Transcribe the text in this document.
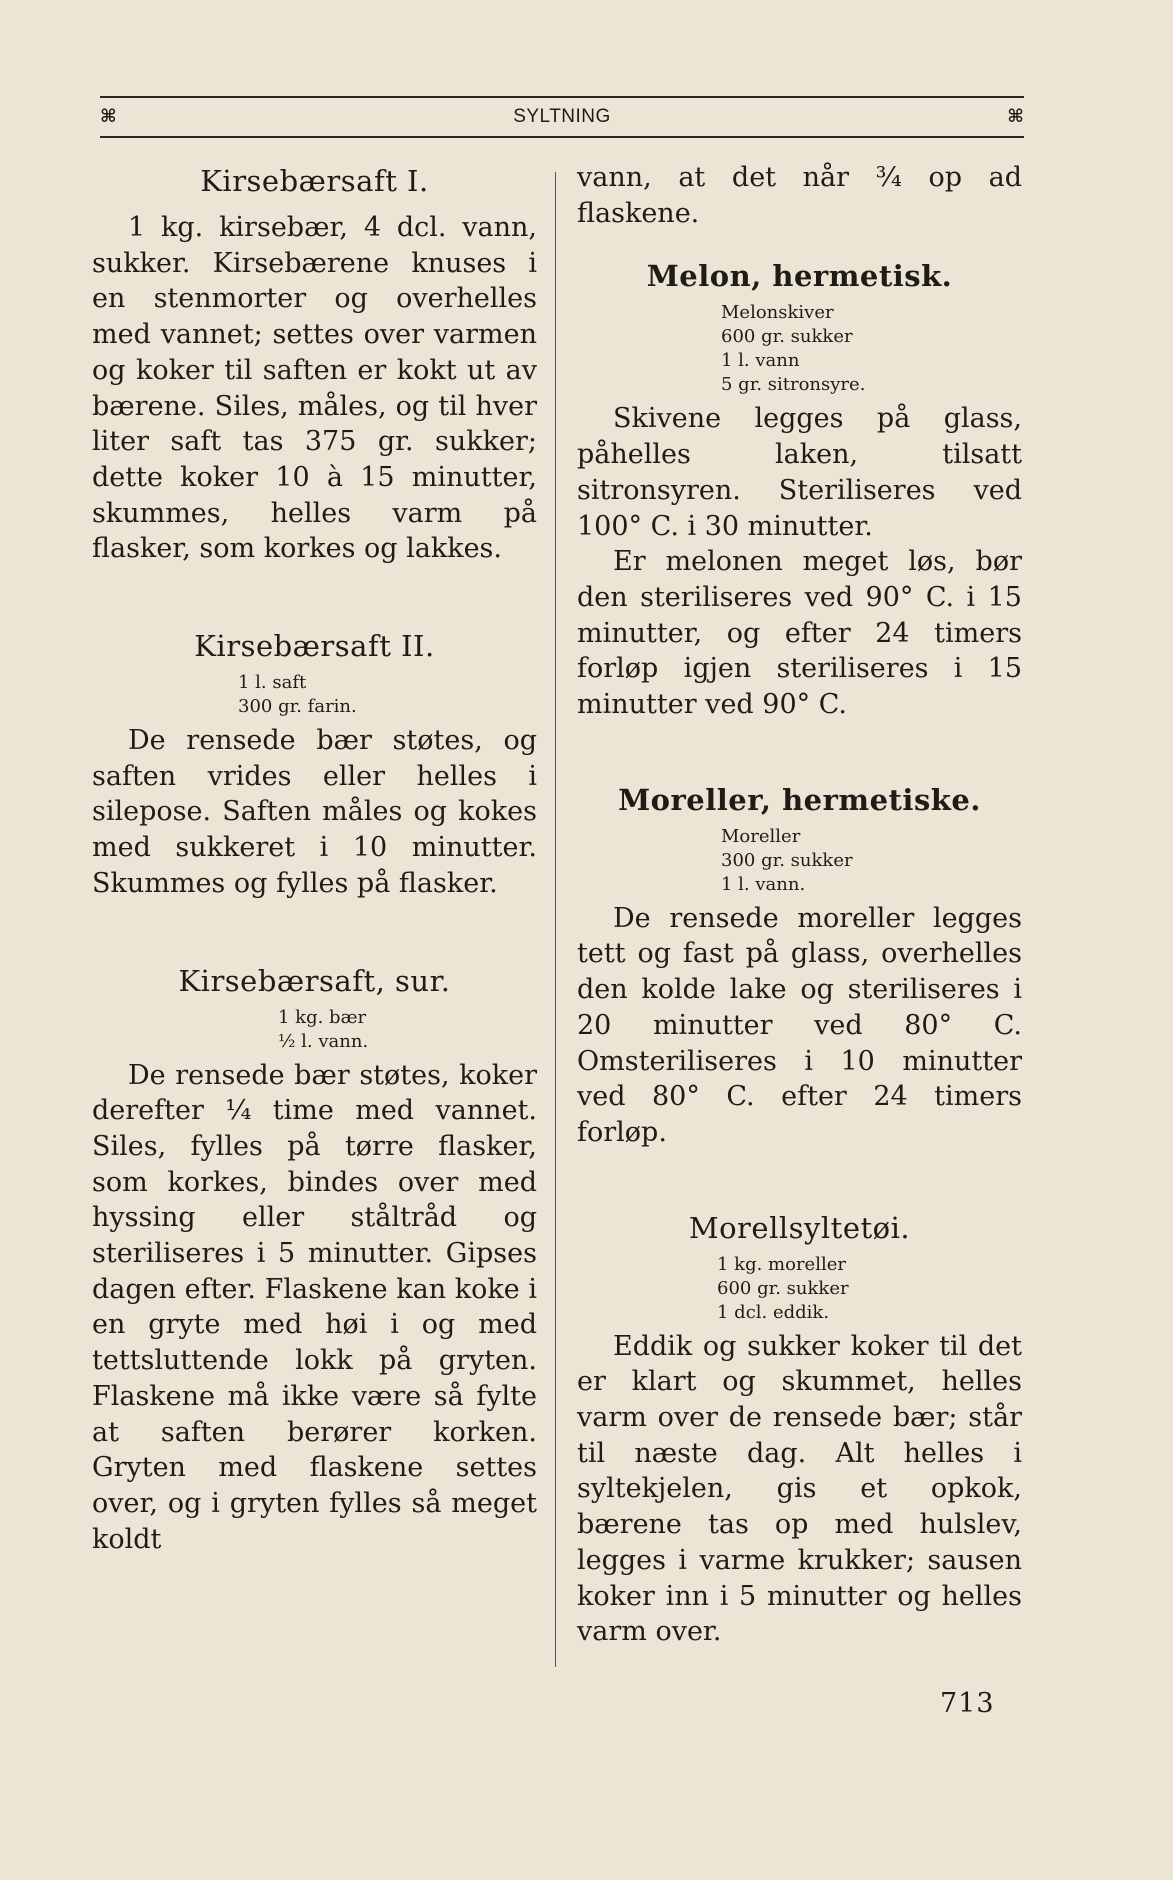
⌘	SYLTNING	⌘
Kirsebærsaft I.

1 kg. kirsebær, 4 dcl. vann, sukker. Kirsebærene knuses i en stenmorter og overhelles med vannet; settes over varmen og koker til saften er kokt ut av bærene. Siles, måles, og til hver liter saft tas 375 gr. sukker; dette koker 10 à 15 minutter, skummes, helles varm på flasker, som korkes og lakkes.

Kirsebærsaft II.
1 l. saft
300 gr. farin.

De rensede bær støtes, og saften vrides eller helles i silepose. Saften måles og kokes med sukkeret i 10 minutter. Skummes og fylles på flasker.

Kirsebærsaft, sur.
1 kg. bær
½ l. vann.

De rensede bær støtes, koker derefter ¼ time med vannet. Siles, fylles på tørre flasker, som korkes, bindes over med hyssing eller ståltråd og steriliseres i 5 minutter. Gipses dagen efter. Flaskene kan koke i en gryte med høi i og med tettsluttende lokk på gryten. Flaskene må ikke være så fylte at saften berører korken. Gryten med flaskene settes over, og i gryten fylles så meget koldt

vann, at det når ¾ op ad flaskene.

Melon, hermetisk.
Melonskiver
600 gr. sukker
1 l. vann
5 gr. sitronsyre.

Skivene legges på glass, påhelles laken, tilsatt sitronsyren. Steriliseres ved 100° C. i 30 minutter.

Er melonen meget løs, bør den steriliseres ved 90° C. i 15 minutter, og efter 24 timers forløp igjen steriliseres i 15 minutter ved 90° C.

Moreller, hermetiske.
Moreller
300 gr. sukker
1 l. vann.

De rensede moreller legges tett og fast på glass, overhelles den kolde lake og steriliseres i 20 minutter ved 80° C. Omsteriliseres i 10 minutter ved 80° C. efter 24 timers forløp.

Morellsyltetøi.
1 kg. moreller
600 gr. sukker
1 dcl. eddik.

Eddik og sukker koker til det er klart og skummet, helles varm over de rensede bær; står til næste dag. Alt helles i syltekjelen, gis et opkok, bærene tas op med hulslev, legges i varme krukker; sausen koker inn i 5 minutter og helles varm over.

713
